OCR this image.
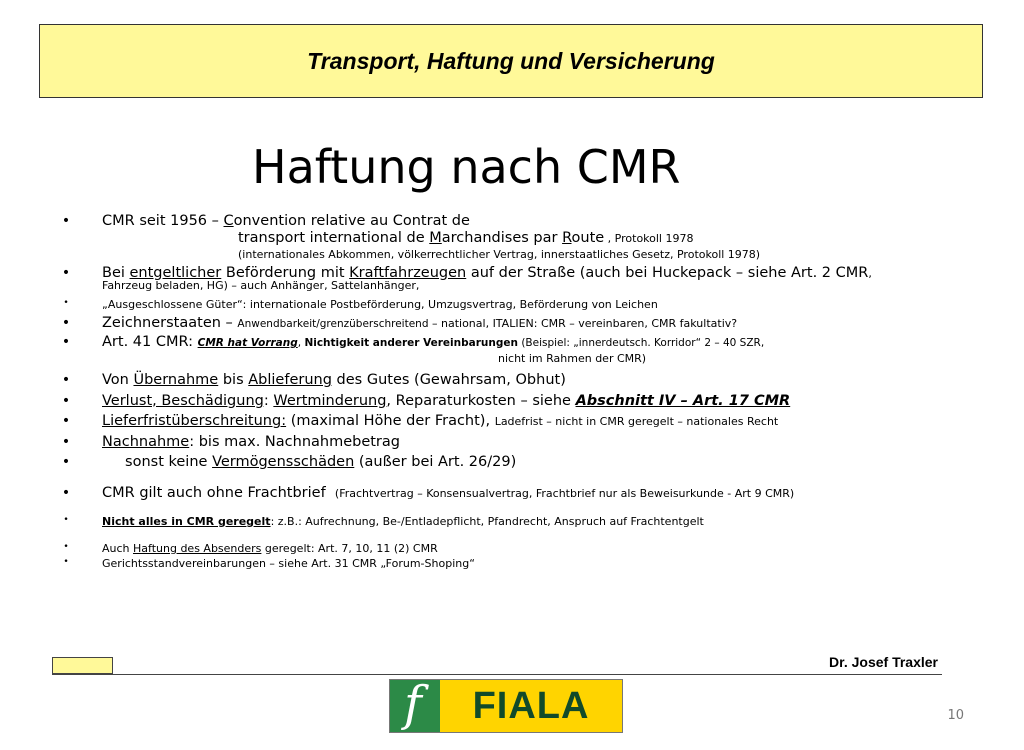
Transport, Haftung und Versicherung
Haftung nach CMR
• CMR seit 1956 – Convention relative au Contrat de
transport international de Marchandises par Route , Protokoll 1978
(internationales Abkommen, völkerrechtlicher Vertrag, innerstaatliches Gesetz, Protokoll 1978)
• Bei entgeltlicher Beförderung mit Kraftfahrzeugen auf der Straße (auch bei Huckepack – siehe Art. 2 CMR,
Fahrzeug beladen, HG) – auch Anhänger, Sattelanhänger,
•	„Ausgeschlossene Güter“: internationale Postbeförderung, Umzugsvertrag, Beförderung von Leichen
• Zeichnerstaaten – Anwendbarkeit/grenzüberschreitend – national, ITALIEN: CMR – vereinbaren, CMR fakultativ?
• Art. 41 CMR: CMR hat Vorrang, Nichtigkeit anderer Vereinbarungen (Beispiel: „innerdeutsch. Korridor“ 2 – 40 SZR,
nicht im Rahmen der CMR)
• Von Übernahme bis Ablieferung des Gutes (Gewahrsam, Obhut)
• Verlust, Beschädigung: Wertminderung, Reparaturkosten – siehe Abschnitt IV – Art. 17 CMR
• Lieferfristüberschreitung: (maximal Höhe der Fracht), Ladefrist – nicht in CMR geregelt – nationales Recht
• Nachnahme: bis max. Nachnahmebetrag
• sonst keine Vermögensschäden (außer bei Art. 26/29)
• CMR gilt auch ohne Frachtbrief  (Frachtvertrag – Konsensualvertrag, Frachtbrief nur als Beweisurkunde - Art 9 CMR)
•	Nicht alles in CMR geregelt: z.B.: Aufrechnung, Be-/Entladepflicht, Pfandrecht, Anspruch auf Frachtentgelt
•	Auch Haftung des Absenders geregelt: Art. 7, 10, 11 (2) CMR
•	Gerichtsstandvereinbarungen – siehe Art. 31 CMR „Forum-Shoping“
Dr. Josef Traxler
f	FIALA	10
